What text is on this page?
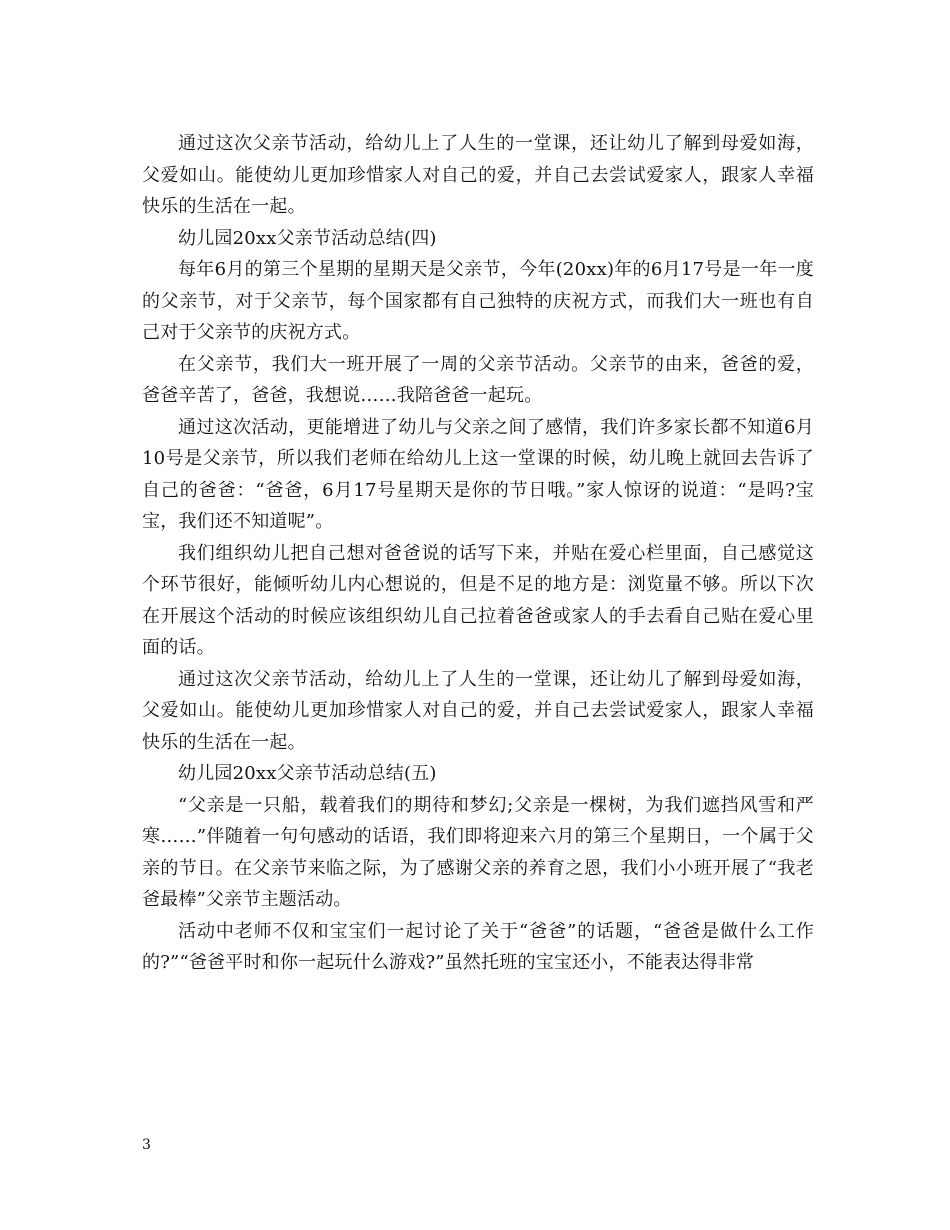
通过这次父亲节活动，给幼儿上了人生的一堂课，还让幼儿了解到母爱如海，父爱如山。能使幼儿更加珍惜家人对自己的爱，并自己去尝试爱家人，跟家人幸福快乐的生活在一起。

幼儿园20xx父亲节活动总结(四)

每年6月的第三个星期的星期天是父亲节，今年(20xx)年的6月17号是一年一度的父亲节，对于父亲节，每个国家都有自己独特的庆祝方式，而我们大一班也有自己对于父亲节的庆祝方式。

在父亲节，我们大一班开展了一周的父亲节活动。父亲节的由来，爸爸的爱，爸爸辛苦了，爸爸，我想说……我陪爸爸一起玩。

通过这次活动，更能增进了幼儿与父亲之间了感情，我们许多家长都不知道6月10号是父亲节，所以我们老师在给幼儿上这一堂课的时候，幼儿晚上就回去告诉了自己的爸爸：“爸爸，6月17号星期天是你的节日哦。”家人惊讶的说道：“是吗?宝宝，我们还不知道呢”。

我们组织幼儿把自己想对爸爸说的话写下来，并贴在爱心栏里面，自己感觉这个环节很好，能倾听幼儿内心想说的，但是不足的地方是：浏览量不够。所以下次在开展这个活动的时候应该组织幼儿自己拉着爸爸或家人的手去看自己贴在爱心里面的话。

通过这次父亲节活动，给幼儿上了人生的一堂课，还让幼儿了解到母爱如海，父爱如山。能使幼儿更加珍惜家人对自己的爱，并自己去尝试爱家人，跟家人幸福快乐的生活在一起。

幼儿园20xx父亲节活动总结(五)

“父亲是一只船，载着我们的期待和梦幻;父亲是一棵树，为我们遮挡风雪和严寒……”伴随着一句句感动的话语，我们即将迎来六月的第三个星期日，一个属于父亲的节日。在父亲节来临之际，为了感谢父亲的养育之恩，我们小小班开展了“我老爸最棒”父亲节主题活动。

活动中老师不仅和宝宝们一起讨论了关于“爸爸”的话题，“爸爸是做什么工作的?”“爸爸平时和你一起玩什么游戏?”虽然托班的宝宝还小，不能表达得非常

3
